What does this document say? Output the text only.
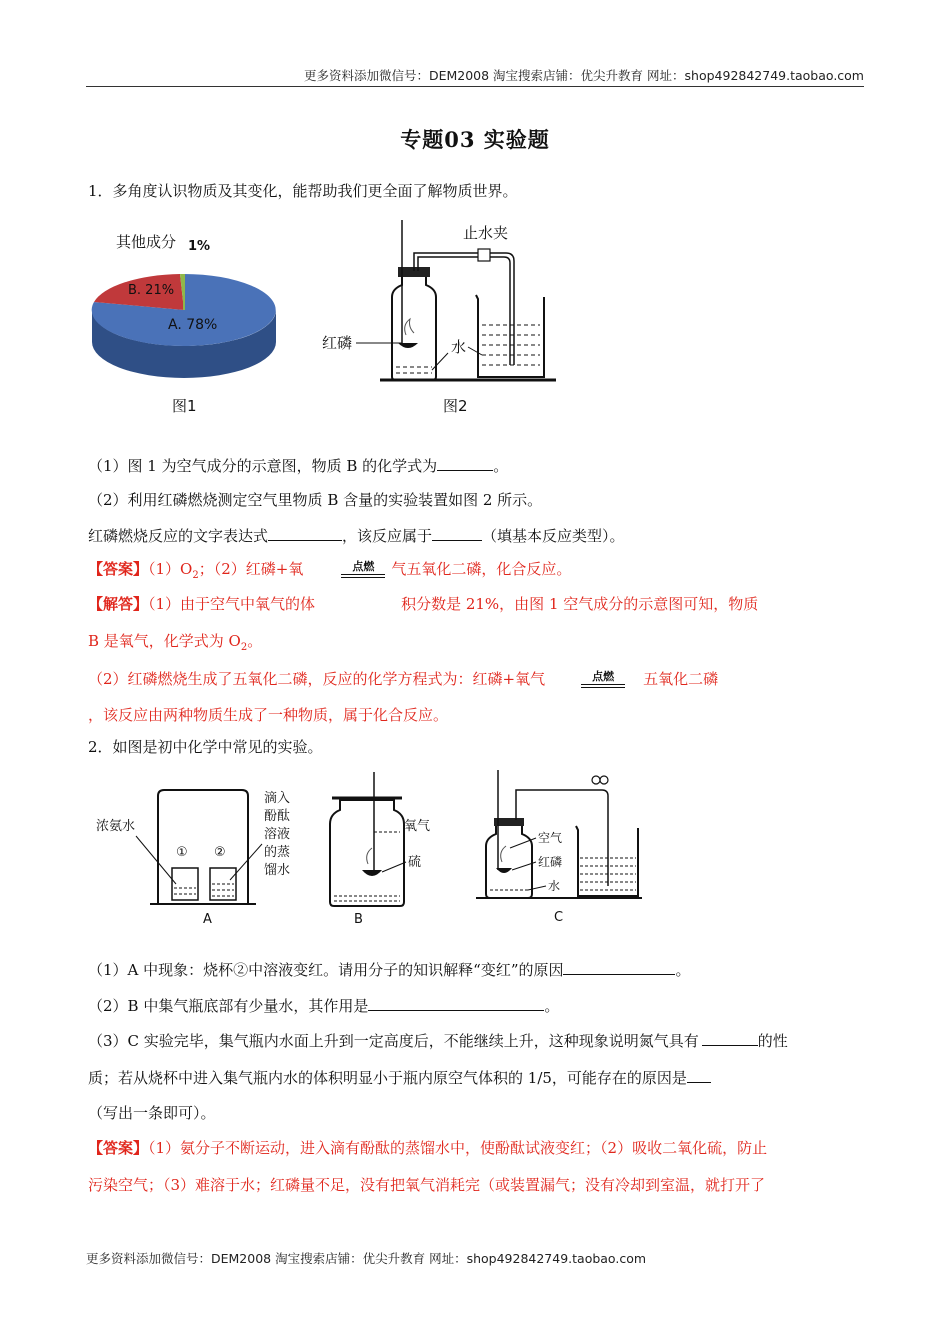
更多资料添加微信号：DEM2008 淘宝搜索店铺：优尖升教育 网址：shop492842749.taobao.com
专题03 实验题
1．多角度认识物质及其变化，能帮助我们更全面了解物质世界。
其他成分 1%
B. 21%
A. 78%
图1
止水夹
红磷	水
图2
（1）图 1 为空气成分的示意图，物质 B 的化学式为	。
（2）利用红磷燃烧测定空气里物质 B 含量的实验装置如图 2 所示。
红磷燃烧反应的文字表达式	，该反应属于	（填基本反应类型）。
【答案】$(1)O_2$；（2）红磷+氧	点燃	气五氧化二磷，化合反应。
【解答】（1）由于空气中氧气的体	积分数是 21%，由图 1 空气成分的示意图可知，物质
B 是氧气，化学式为 $O_2$。
（2）红磷燃烧生成了五氧化二磷，反应的化学方程式为：红磷+氧气	点燃	五氧化二磷
，该反应由两种物质生成了一种物质，属于化合反应。
2．如图是初中化学中常见的实验。
① ②
浓氨水
滴入
酚酞
溶液
的蒸
馏水
A
氧气
硫
B
空气
红磷
水
C
（1）A 中现象：烧杯②中溶液变红。请用分子的知识解释“变红”的原因	。
（2）B 中集气瓶底部有少量水，其作用是	。
（3）C 实验完毕，集气瓶内水面上升到一定高度后，不能继续上升，这种现象说明氮气具有	的性
质；若从烧杯中进入集气瓶内水的体积明显小于瓶内原空气体积的 1/5，可能存在的原因是
（写出一条即可）。
【答案】（1）氨分子不断运动，进入滴有酚酞的蒸馏水中，使酚酞试液变红；（2）吸收二氧化硫，防止
污染空气；（3）难溶于水；红磷量不足，没有把氧气消耗完（或装置漏气；没有冷却到室温，就打开了
更多资料添加微信号：DEM2008 淘宝搜索店铺：优尖升教育 网址：shop492842749.taobao.com
